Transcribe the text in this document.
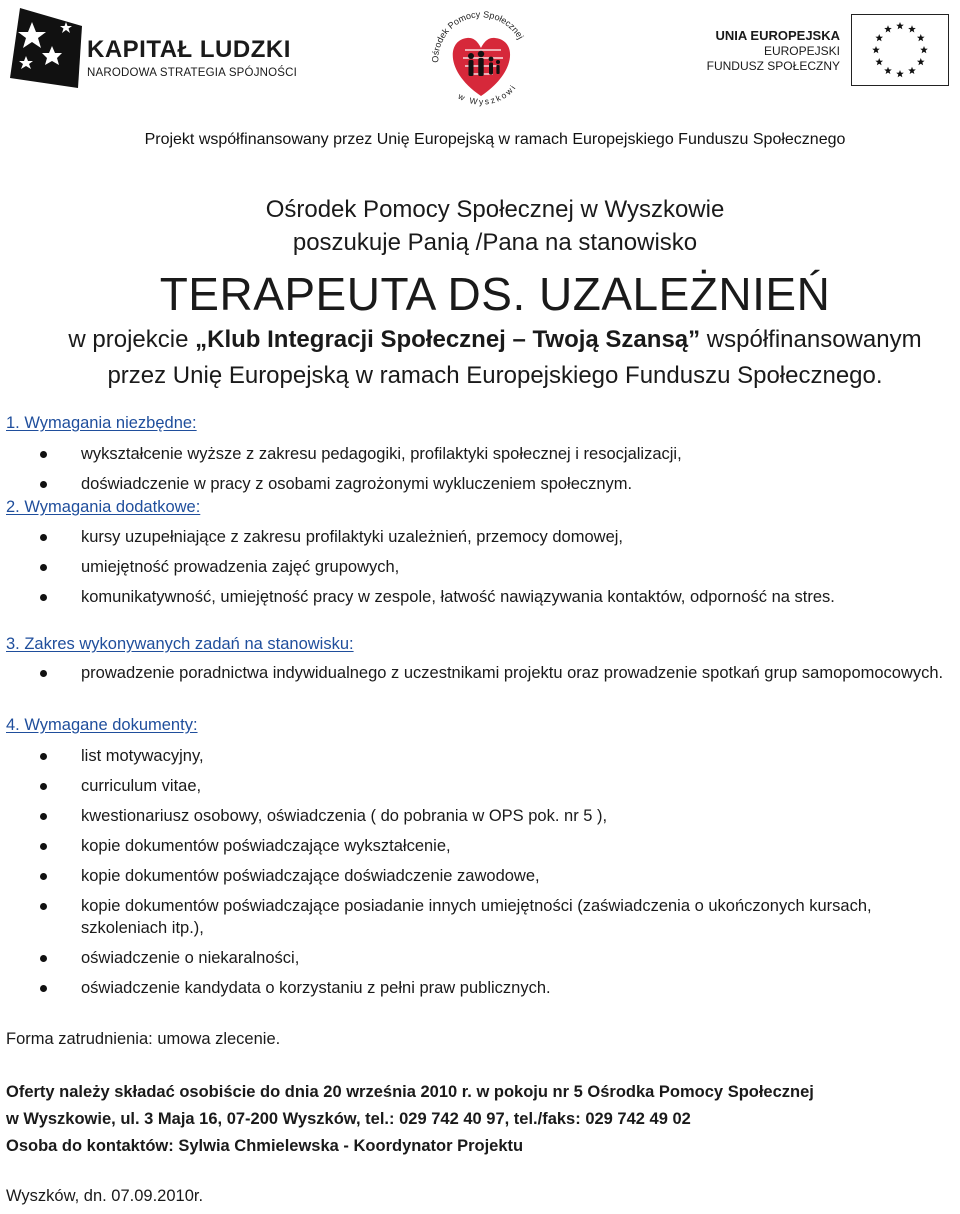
KAPITAŁ LUDZKI
NARODOWA STRATEGIA SPÓJNOŚCI
Ośrodek Pomocy Społecznej
w Wyszkowi
UNIA EUROPEJSKA
EUROPEJSKI
FUNDUSZ SPOŁECZNY
Projekt współfinansowany przez Unię Europejską w ramach Europejskiego Funduszu Społecznego
Ośrodek Pomocy Społecznej w Wyszkowie
poszukuje Panią /Pana na stanowisko
TERAPEUTA DS. UZALEŻNIEŃ
w projekcie „Klub Integracji Społecznej – Twoją Szansą” współfinansowanym
przez Unię Europejską w ramach Europejskiego Funduszu Społecznego.
1. Wymagania niezbędne:
wykształcenie wyższe z zakresu pedagogiki, profilaktyki społecznej i resocjalizacji,
doświadczenie w pracy z osobami zagrożonymi wykluczeniem społecznym.
2. Wymagania dodatkowe:
kursy uzupełniające z zakresu profilaktyki uzależnień, przemocy domowej,
umiejętność prowadzenia zajęć grupowych,
komunikatywność, umiejętność pracy w zespole, łatwość nawiązywania kontaktów, odporność na stres.
3. Zakres wykonywanych zadań na stanowisku:
prowadzenie poradnictwa indywidualnego z uczestnikami projektu oraz prowadzenie spotkań grup samopomocowych.
4. Wymagane dokumenty:
list motywacyjny,
curriculum vitae,
kwestionariusz osobowy, oświadczenia ( do pobrania w OPS pok. nr 5 ),
kopie dokumentów poświadczające wykształcenie,
kopie dokumentów poświadczające doświadczenie zawodowe,
kopie dokumentów poświadczające posiadanie innych umiejętności (zaświadczenia o ukończonych kursach, szkoleniach itp.),
oświadczenie o niekaralności,
oświadczenie kandydata o korzystaniu z pełni praw publicznych.
Forma zatrudnienia: umowa zlecenie.
Oferty należy składać osobiście do dnia 20 września 2010 r. w pokoju nr 5 Ośrodka Pomocy Społecznej
w Wyszkowie, ul. 3 Maja 16, 07-200 Wyszków, tel.: 029 742 40 97, tel./faks: 029 742 49 02
Osoba do kontaktów: Sylwia Chmielewska - Koordynator Projektu
Wyszków, dn. 07.09.2010r.
